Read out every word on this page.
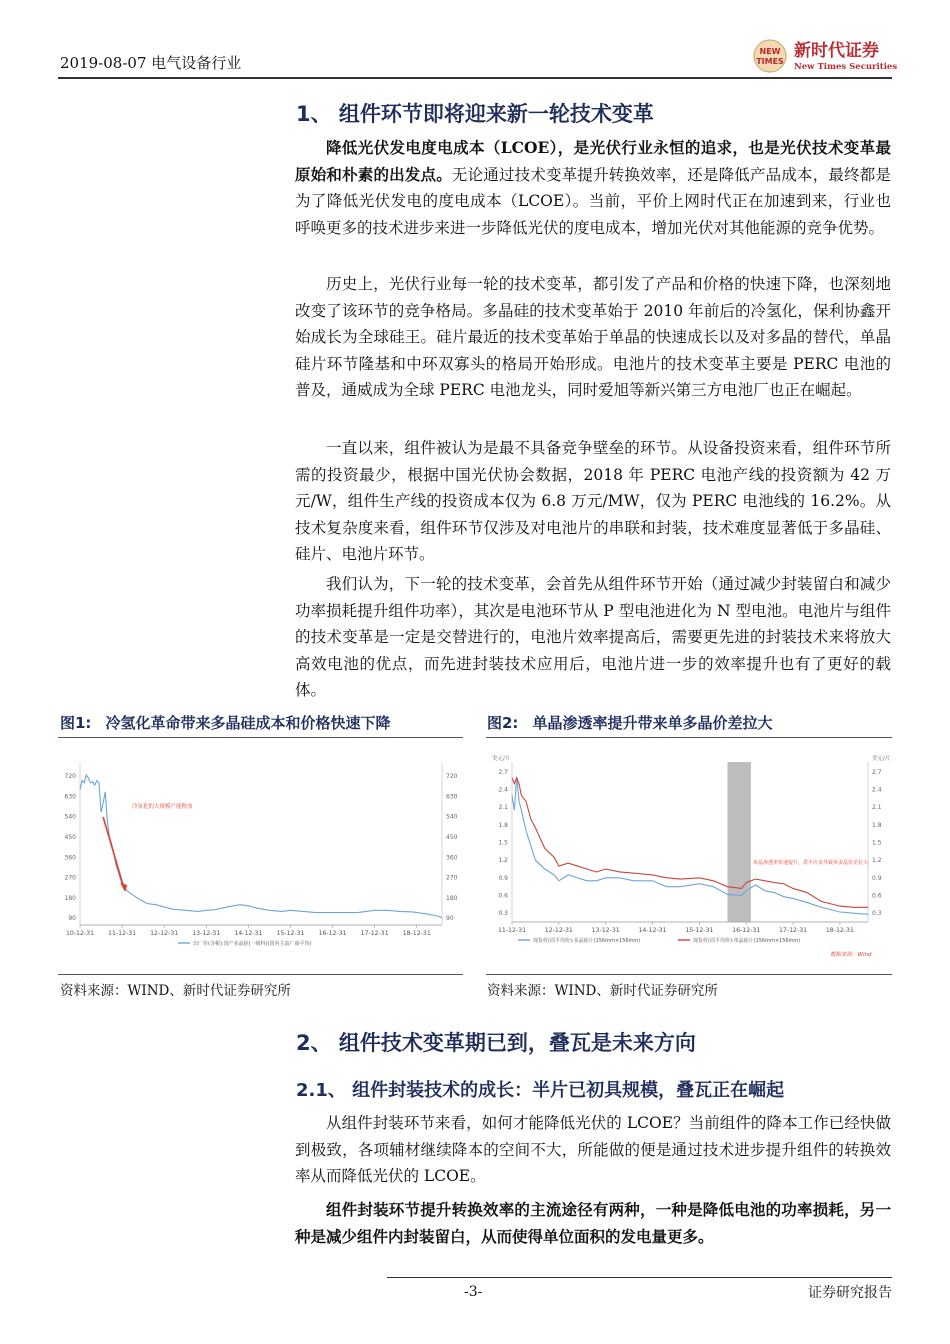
2019-08-07 电气设备行业
NEW
TIMES
新时代证券
New Times Securities
1、 组件环节即将迎来新一轮技术变革
降低光伏发电度电成本（LCOE），是光伏行业永恒的追求，也是光伏技术变革最原始和朴素的出发点。无论通过技术变革提升转换效率，还是降低产品成本，最终都是为了降低光伏发电的度电成本（LCOE）。当前，平价上网时代正在加速到来，行业也呼唤更多的技术进步来进一步降低光伏的度电成本，增加光伏对其他能源的竞争优势。
历史上，光伏行业每一轮的技术变革，都引发了产品和价格的快速下降，也深刻地改变了该环节的竞争格局。多晶硅的技术变革始于 2010 年前后的冷氢化，保利协鑫开始成长为全球硅王。硅片最近的技术变革始于单晶的快速成长以及对多晶的替代，单晶硅片环节隆基和中环双寡头的格局开始形成。电池片的技术变革主要是 PERC 电池的普及，通威成为全球 PERC 电池龙头，同时爱旭等新兴第三方电池厂也正在崛起。
一直以来，组件被认为是最不具备竞争壁垒的环节。从设备投资来看，组件环节所需的投资最少，根据中国光伏协会数据，2018 年 PERC 电池产线的投资额为 42 万元/W，组件生产线的投资成本仅为 6.8 万元/MW，仅为 PERC 电池线的 16.2%。从技术复杂度来看，组件环节仅涉及对电池片的串联和封装，技术难度显著低于多晶硅、硅片、电池片环节。
我们认为，下一轮的技术变革，会首先从组件环节开始（通过减少封装留白和减少功率损耗提升组件功率），其次是电池环节从 P 型电池进化为 N 型电池。电池片与组件的技术变革是一定是交替进行的，电池片效率提高后，需要更先进的封装技术来将放大高效电池的优点，而先进封装技术应用后，电池片进一步的效率提升也有了更好的载体。
图1: 冷氢化革命带来多晶硅成本和价格快速下降
90	90
180	180
270	270
360	360
450	450
540	540
630	630
720	720
10-12-31 11-12-31 12-12-31 13-12-31 14-12-31 15-12-31 16-12-31 17-12-31 18-12-31
出厂价(含税):国产多晶硅(一级料)(国内主流厂商平均)
冷氢化的大规模产能释放
资料来源：WIND、新时代证券研究所
图2: 单晶渗透率提升带来单多晶价差拉大
0.3	0.3
0.6	0.6
0.9	0.9
1.2	1.2
1.5	1.5
1.8	1.8
2.1	2.1
2.4	2.4
2.7	2.7
11-12-31	12-12-31	13-12-31	14-12-31	15-12-31	16-12-31	17-12-31	18-12-31
现货价(周平均价):多晶硅片(156mm×156mm)	现货价(周平均价):单晶硅片(156mm×156mm)
美元/片	美元/片
单晶渗透率快速提升，供不应求导致单多晶价差拉大
数据来源：Wind
资料来源：WIND、新时代证券研究所
2、 组件技术变革期已到，叠瓦是未来方向
2.1、 组件封装技术的成长：半片已初具规模，叠瓦正在崛起
从组件封装环节来看，如何才能降低光伏的 LCOE？当前组件的降本工作已经快做到极致，各项辅材继续降本的空间不大，所能做的便是通过技术进步提升组件的转换效率从而降低光伏的 LCOE。
组件封装环节提升转换效率的主流途径有两种，一种是降低电池的功率损耗，另一种是减少组件内封装留白，从而使得单位面积的发电量更多。
-3-	证券研究报告
